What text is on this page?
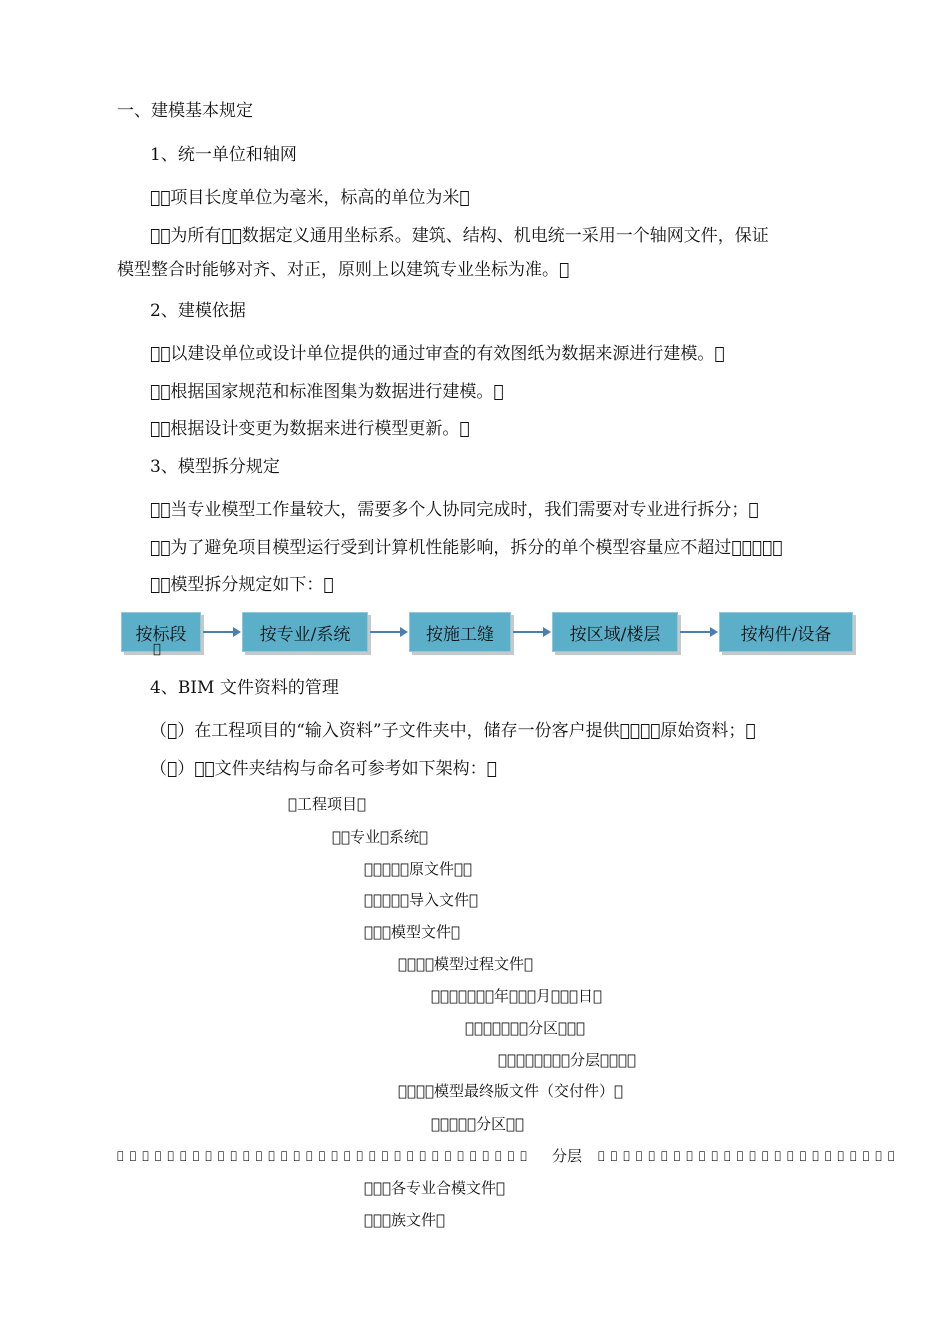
一、建模基本规定
1、统一单位和轴网
􀀁􀀁项目长度单位为毫米，标高的单位为米􀀁
􀀁􀀁为所有􀀁􀀁数据定义通用坐标系。建筑、结构、机电统一采用一个轴网文件，保证
模型整合时能够对齐、对正，原则上以建筑专业坐标为准。􀀁
2、建模依据
􀀁􀀁以建设单位或设计单位提供的通过审查的有效图纸为数据来源进行建模。􀀁
􀀁􀀁根据国家规范和标准图集为数据进行建模。􀀁
􀀁􀀁根据设计变更为数据来进行模型更新。􀀁
3、模型拆分规定
􀀁􀀁当专业模型工作量较大，需要多个人协同完成时，我们需要对专业进行拆分；􀀁
􀀁􀀁为了避免项目模型运行受到计算机性能影响，拆分的单个模型容量应不超过􀀁􀀁􀀁􀀁􀀁
􀀁􀀁模型拆分规定如下：􀀁
按标段	按专业/系统	按施工缝	按区域/楼层	按构件/设备
􀀁
4、BIM 文件资料的管理
（􀀁）在工程项目的“输入资料”子文件夹中，储存一份客户提供􀀁􀀁􀀁􀀁原始资料；􀀁
（􀀁）􀀁􀀁文件夹结构与命名可参考如下架构：􀀁
􀀁工程项目􀀁
􀀁􀀁专业􀀁系统􀀁
􀀁􀀁􀀁􀀁􀀁原文件􀀁􀀁
􀀁􀀁􀀁􀀁􀀁导入文件􀀁
􀀁􀀁􀀁模型文件􀀁
􀀁􀀁􀀁􀀁模型过程文件􀀁
􀀁􀀁􀀁􀀁􀀁􀀁􀀁年􀀁􀀁􀀁月􀀁􀀁􀀁日􀀁
􀀁􀀁􀀁􀀁􀀁􀀁􀀁分区􀀁􀀁􀀁
􀀁􀀁􀀁􀀁􀀁􀀁􀀁􀀁分层􀀁􀀁􀀁􀀁
􀀁􀀁􀀁􀀁模型最终版文件（交付件）􀀁
􀀁􀀁􀀁􀀁􀀁分区􀀁􀀁
􀀁􀀁􀀁􀀁􀀁􀀁􀀁􀀁􀀁􀀁􀀁􀀁􀀁􀀁􀀁􀀁􀀁􀀁􀀁􀀁􀀁􀀁􀀁􀀁􀀁􀀁􀀁􀀁􀀁􀀁􀀁􀀁􀀁 分层 􀀁􀀁􀀁􀀁􀀁􀀁􀀁􀀁􀀁􀀁􀀁􀀁􀀁􀀁􀀁􀀁􀀁􀀁􀀁􀀁􀀁􀀁􀀁􀀁
􀀁􀀁􀀁各专业合模文件􀀁
􀀁􀀁􀀁族文件􀀁
